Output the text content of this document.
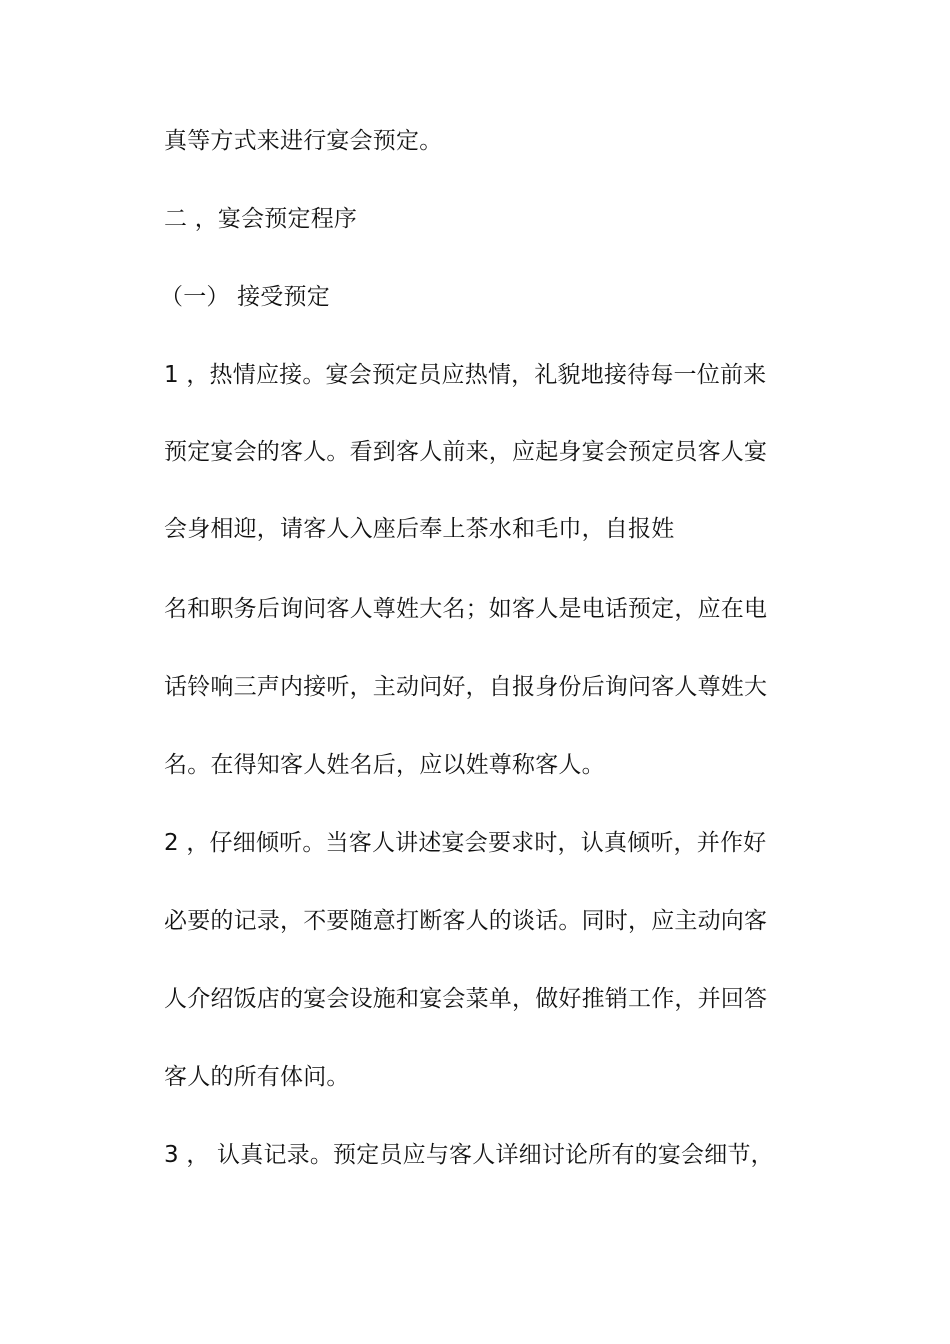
真等方式来进行宴会预定。
二 ，宴会预定程序
（一） 接受预定
1 ，热情应接。宴会预定员应热情，礼貌地接待每一位前来
预定宴会的客人。看到客人前来，应起身宴会预定员客人宴
会身相迎，请客人入座后奉上茶水和毛巾，自报姓
名和职务后询问客人尊姓大名；如客人是电话预定，应在电
话铃响三声内接听，主动问好，自报身份后询问客人尊姓大
名。在得知客人姓名后，应以姓尊称客人。
2 ，仔细倾听。当客人讲述宴会要求时，认真倾听，并作好
必要的记录，不要随意打断客人的谈话。同时，应主动向客
人介绍饭店的宴会设施和宴会菜单，做好推销工作，并回答
客人的所有体问。
3 ， 认真记录。预定员应与客人详细讨论所有的宴会细节，
